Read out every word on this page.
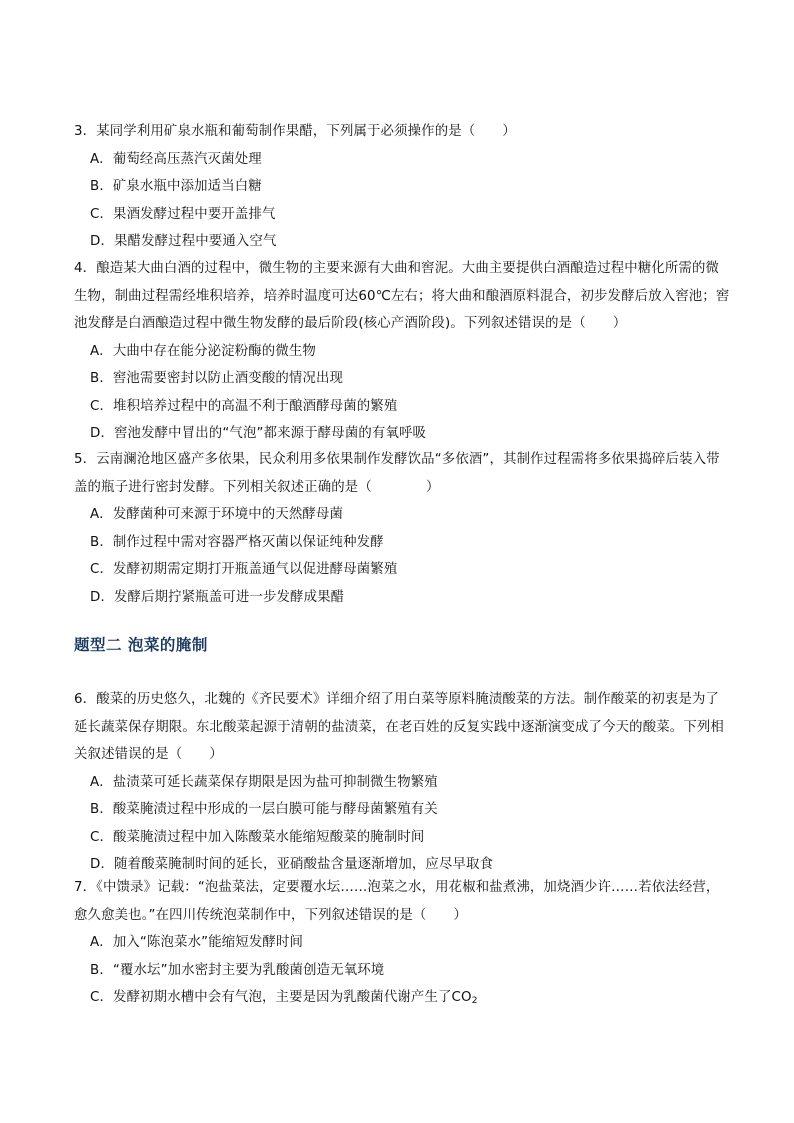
3．某同学利用矿泉水瓶和葡萄制作果醋，下列属于必须操作的是（　　）
A．葡萄经高压蒸汽灭菌处理
B．矿泉水瓶中添加适当白糖
C．果酒发酵过程中要开盖排气
D．果醋发酵过程中要通入空气
4．酿造某大曲白酒的过程中，微生物的主要来源有大曲和窖泥。大曲主要提供白酒酿造过程中糖化所需的微生物，制曲过程需经堆积培养，培养时温度可达60℃左右；将大曲和酿酒原料混合，初步发酵后放入窖池；窖池发酵是白酒酿造过程中微生物发酵的最后阶段(核心产酒阶段)。下列叙述错误的是（　　）
A．大曲中存在能分泌淀粉酶的微生物
B．窖池需要密封以防止酒变酸的情况出现
C．堆积培养过程中的高温不利于酿酒酵母菌的繁殖
D．窖池发酵中冒出的“气泡”都来源于酵母菌的有氧呼吸
5．云南澜沧地区盛产多依果，民众利用多依果制作发酵饮品“多依酒”，其制作过程需将多依果捣碎后装入带盖的瓶子进行密封发酵。下列相关叙述正确的是（　　　　）
A．发酵菌种可来源于环境中的天然酵母菌
B．制作过程中需对容器严格灭菌以保证纯种发酵
C．发酵初期需定期打开瓶盖通气以促进酵母菌繁殖
D．发酵后期拧紧瓶盖可进一步发酵成果醋
题型二 泡菜的腌制
6．酸菜的历史悠久，北魏的《齐民要术》详细介绍了用白菜等原料腌渍酸菜的方法。制作酸菜的初衷是为了延长蔬菜保存期限。东北酸菜起源于清朝的盐渍菜，在老百姓的反复实践中逐渐演变成了今天的酸菜。下列相关叙述错误的是（　　）
A．盐渍菜可延长蔬菜保存期限是因为盐可抑制微生物繁殖
B．酸菜腌渍过程中形成的一层白膜可能与酵母菌繁殖有关
C．酸菜腌渍过程中加入陈酸菜水能缩短酸菜的腌制时间
D．随着酸菜腌制时间的延长，亚硝酸盐含量逐渐增加，应尽早取食
7．《中馈录》记载：“泡盐菜法，定要覆水坛……泡菜之水，用花椒和盐煮沸，加烧酒少许……若依法经营，愈久愈美也。”在四川传统泡菜制作中，下列叙述错误的是（　　）
A．加入“陈泡菜水”能缩短发酵时间
B．“覆水坛”加水密封主要为乳酸菌创造无氧环境
C．发酵初期水槽中会有气泡，主要是因为乳酸菌代谢产生了$CO_2$
